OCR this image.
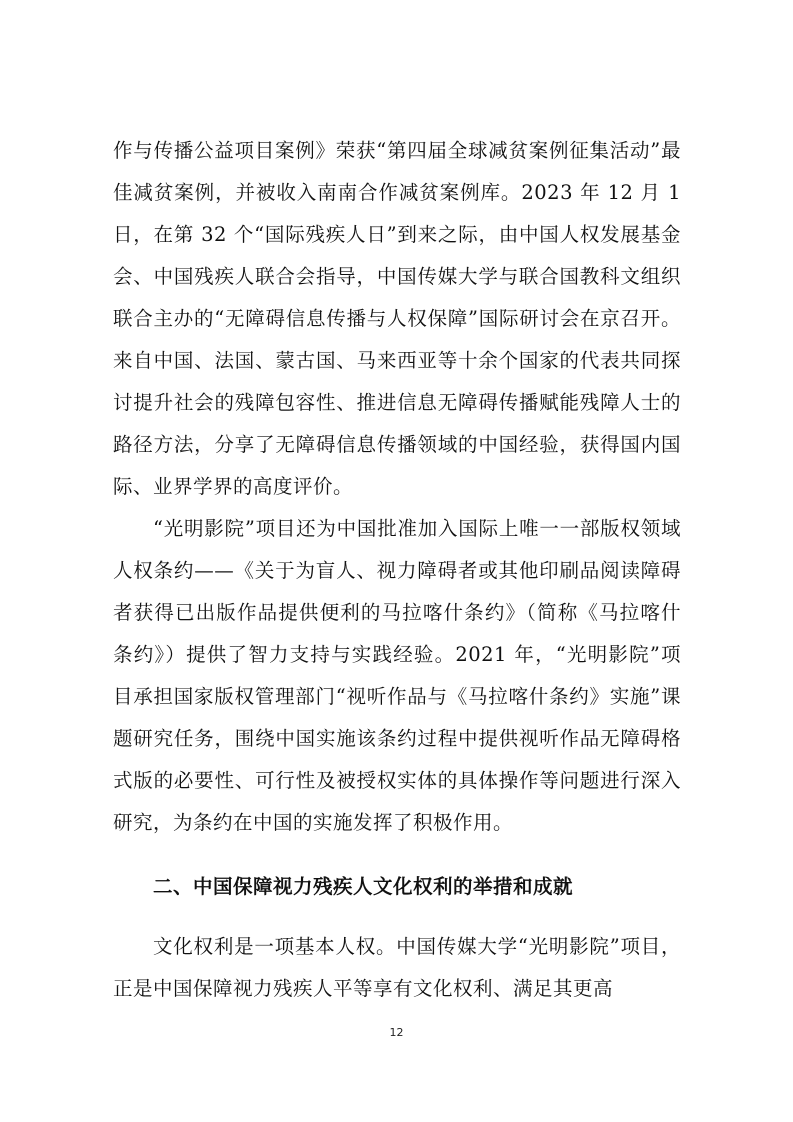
作与传播公益项目案例》荣获“第四届全球减贫案例征集活动”最佳减贫案例，并被收入南南合作减贫案例库。2023 年 12 月 1 日，在第 32 个“国际残疾人日”到来之际，由中国人权发展基金会、中国残疾人联合会指导，中国传媒大学与联合国教科文组织联合主办的“无障碍信息传播与人权保障”国际研讨会在京召开。来自中国、法国、蒙古国、马来西亚等十余个国家的代表共同探讨提升社会的残障包容性、推进信息无障碍传播赋能残障人士的路径方法，分享了无障碍信息传播领域的中国经验，获得国内国际、业界学界的高度评价。

“光明影院”项目还为中国批准加入国际上唯一一部版权领域人权条约——《关于为盲人、视力障碍者或其他印刷品阅读障碍者获得已出版作品提供便利的马拉喀什条约》（简称《马拉喀什条约》）提供了智力支持与实践经验。2021 年，“光明影院”项目承担国家版权管理部门“视听作品与《马拉喀什条约》实施”课题研究任务，围绕中国实施该条约过程中提供视听作品无障碍格式版的必要性、可行性及被授权实体的具体操作等问题进行深入研究，为条约在中国的实施发挥了积极作用。

二、中国保障视力残疾人文化权利的举措和成就

文化权利是一项基本人权。中国传媒大学“光明影院”项目，正是中国保障视力残疾人平等享有文化权利、满足其更高

12
